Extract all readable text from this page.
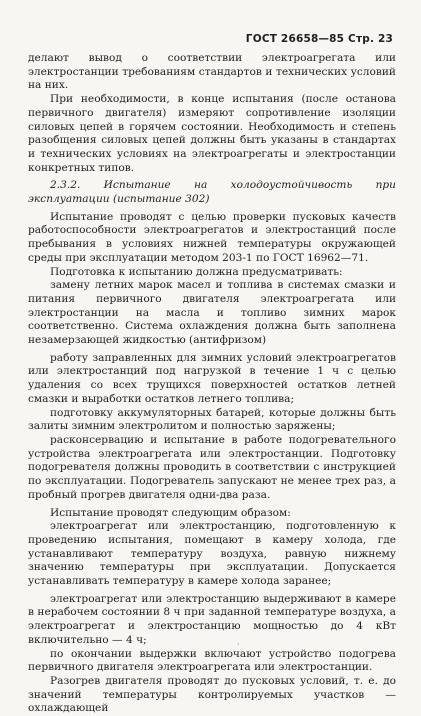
ГОСТ 26658—85 Стр. 23

делают вывод о соответствии электроагрегата или электростанции требованиям стандартов и технических условий на них.

При необходимости, в конце испытания (после останова первичного двигателя) измеряют сопротивление изоляции силовых цепей в горячем состоянии. Необходимость и степень разобщения силовых цепей должны быть указаны в стандартах и технических условиях на электроагрегаты и электростанции конкретных типов.

2.3.2. Испытание на холодоустойчивость при эксплуатации (испытание 302)

Испытание проводят с целью проверки пусковых качеств работоспособности электроагрегатов и электростанций после пребывания в условиях нижней температуры окружающей среды при эксплуатации методом 203-1 по ГОСТ 16962—71.

Подготовка к испытанию должна предусматривать:

замену летних марок масел и топлива в системах смазки и питания первичного двигателя электроагрегата или электростанции на масла и топливо зимних марок соответственно. Система охлаждения должна быть заполнена незамерзающей жидкостью (антифризом)

работу заправленных для зимних условий электроагрегатов или электростанций под нагрузкой в течение 1 ч с целью удаления со всех трущихся поверхностей остатков летней смазки и выработки остатков летнего топлива;

подготовку аккумуляторных батарей, которые должны быть залиты зимним электролитом и полностью заряжены;

расконсервацию и испытание в работе подогревательного устройства электроагрегата или электростанции. Подготовку подогревателя должны проводить в соответствии с инструкцией по эксплуатации. Подогреватель запускают не менее трех раз, а пробный прогрев двигателя одни-два раза.

Испытание проводят следующим образом:

электроагрегат или электростанцию, подготовленную к проведению испытания, помещают в камеру холода, где устанавливают температуру воздуха, равную нижнему значению температуры при эксплуатации. Допускается устанавливать температуру в камере холода заранее;

электроагрегат или электростанцию выдерживают в камере в нерабочем состоянии 8 ч при заданной температуре воздуха, а электроагрегат и электростанцию мощностью до 4 кВт включительно — 4 ч;

по окончании выдержки включают устройство подогрева первичного двигателя электроагрегата или электростанции.

Разогрев двигателя проводят до пусковых условий, т. е. до значений температуры контролируемых участков — охлаждающей

·
